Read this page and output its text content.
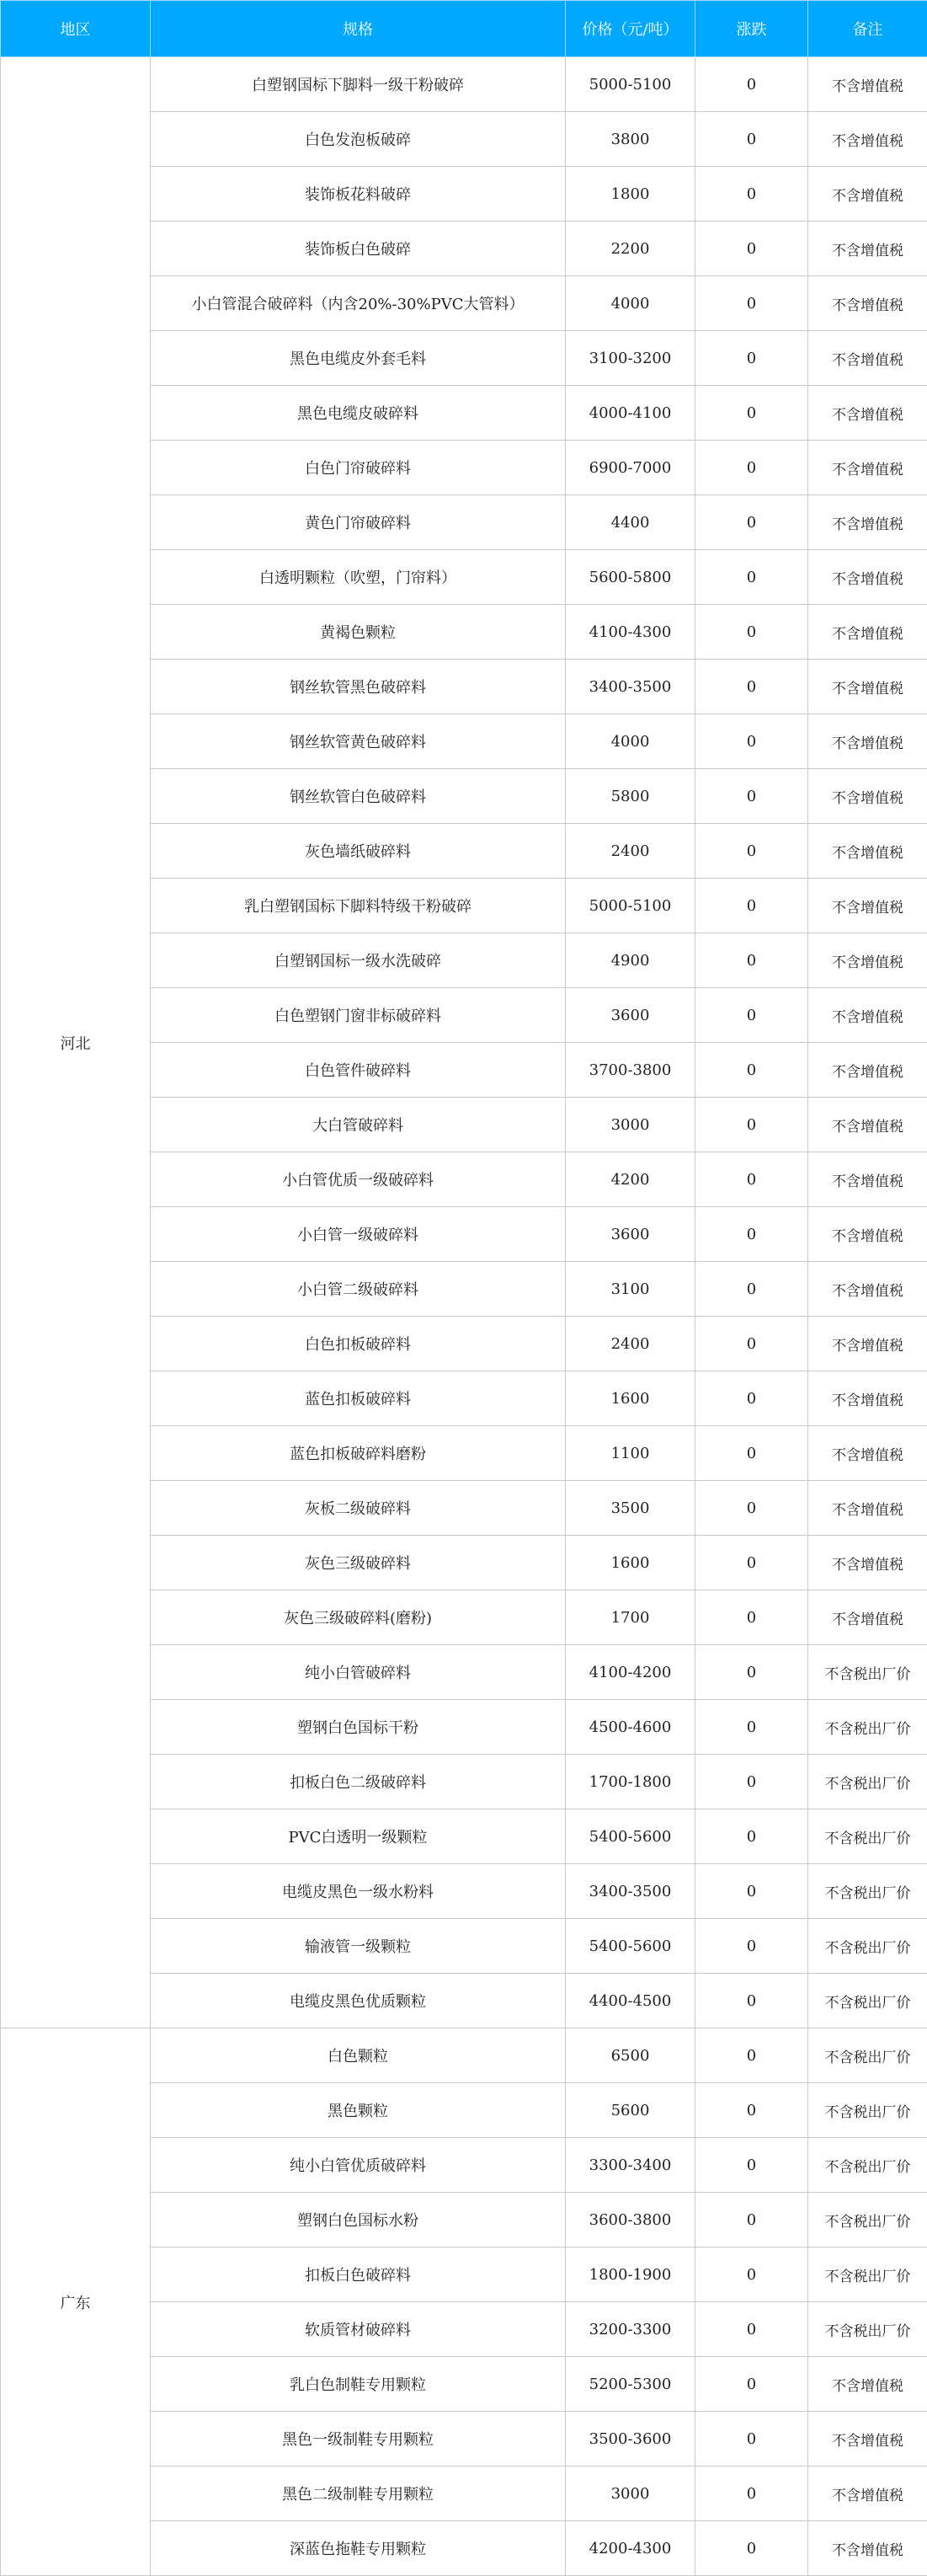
地区	规格	价格（元/吨）	涨跌	备注
河北	白塑钢国标下脚料一级干粉破碎	5000-5100	0	不含增值税
	白色发泡板破碎	3800	0	不含增值税
	装饰板花料破碎	1800	0	不含增值税
	装饰板白色破碎	2200	0	不含增值税
	小白管混合破碎料（内含20%-30%PVC大管料）	4000	0	不含增值税
	黑色电缆皮外套毛料	3100-3200	0	不含增值税
	黑色电缆皮破碎料	4000-4100	0	不含增值税
	白色门帘破碎料	6900-7000	0	不含增值税
	黄色门帘破碎料	4400	0	不含增值税
	白透明颗粒（吹塑，门帘料）	5600-5800	0	不含增值税
	黄褐色颗粒	4100-4300	0	不含增值税
	钢丝软管黑色破碎料	3400-3500	0	不含增值税
	钢丝软管黄色破碎料	4000	0	不含增值税
	钢丝软管白色破碎料	5800	0	不含增值税
	灰色墙纸破碎料	2400	0	不含增值税
	乳白塑钢国标下脚料特级干粉破碎	5000-5100	0	不含增值税
	白塑钢国标一级水洗破碎	4900	0	不含增值税
	白色塑钢门窗非标破碎料	3600	0	不含增值税
	白色管件破碎料	3700-3800	0	不含增值税
	大白管破碎料	3000	0	不含增值税
	小白管优质一级破碎料	4200	0	不含增值税
	小白管一级破碎料	3600	0	不含增值税
	小白管二级破碎料	3100	0	不含增值税
	白色扣板破碎料	2400	0	不含增值税
	蓝色扣板破碎料	1600	0	不含增值税
	蓝色扣板破碎料磨粉	1100	0	不含增值税
	灰板二级破碎料	3500	0	不含增值税
	灰色三级破碎料	1600	0	不含增值税
	灰色三级破碎料(磨粉)	1700	0	不含增值税
	纯小白管破碎料	4100-4200	0	不含税出厂价
	塑钢白色国标干粉	4500-4600	0	不含税出厂价
	扣板白色二级破碎料	1700-1800	0	不含税出厂价
	PVC白透明一级颗粒	5400-5600	0	不含税出厂价
	电缆皮黑色一级水粉料	3400-3500	0	不含税出厂价
	输液管一级颗粒	5400-5600	0	不含税出厂价
	电缆皮黑色优质颗粒	4400-4500	0	不含税出厂价
广东	白色颗粒	6500	0	不含税出厂价
	黑色颗粒	5600	0	不含税出厂价
	纯小白管优质破碎料	3300-3400	0	不含税出厂价
	塑钢白色国标水粉	3600-3800	0	不含税出厂价
	扣板白色破碎料	1800-1900	0	不含税出厂价
	软质管材破碎料	3200-3300	0	不含税出厂价
	乳白色制鞋专用颗粒	5200-5300	0	不含增值税
	黑色一级制鞋专用颗粒	3500-3600	0	不含增值税
	黑色二级制鞋专用颗粒	3000	0	不含增值税
	深蓝色拖鞋专用颗粒	4200-4300	0	不含增值税
